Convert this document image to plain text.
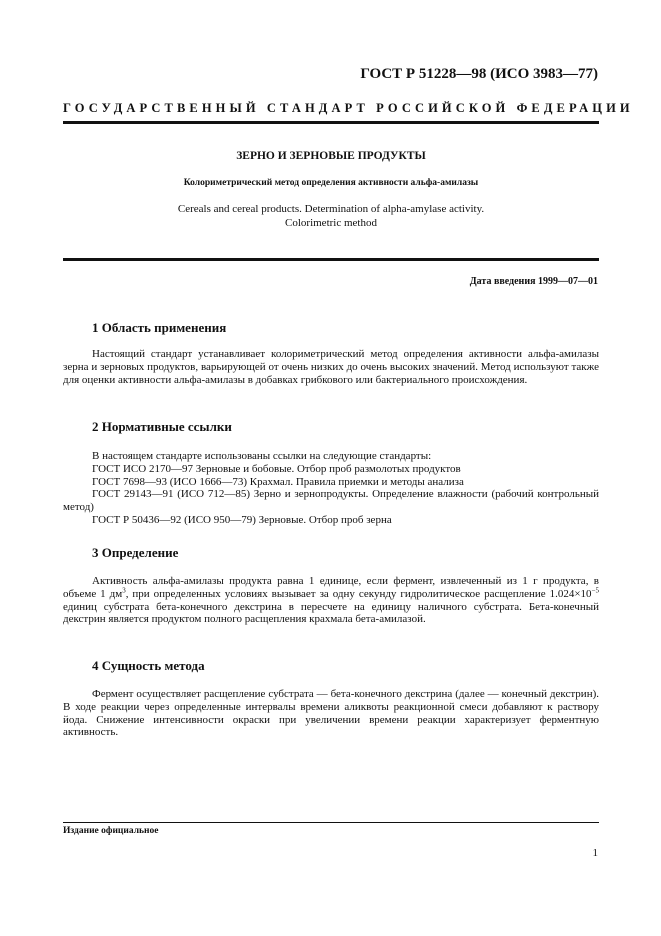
ГОСТ Р 51228—98 (ИСО 3983—77)
ГОСУДАРСТВЕННЫЙ СТАНДАРТ РОССИЙСКОЙ ФЕДЕРАЦИИ
ЗЕРНО И ЗЕРНОВЫЕ ПРОДУКТЫ
Колориметрический метод определения активности альфа-амилазы
Cereals and cereal products. Determination of alpha-amylase activity.
Colorimetric method
Дата введения 1999—07—01
1 Область применения

Настоящий стандарт устанавливает колориметрический метод определения активности альфа-амилазы зерна и зерновых продуктов, варьирующей от очень низких до очень высоких значений. Метод используют также для оценки активности альфа-амилазы в добавках грибкового или бактериального происхождения.

2 Нормативные ссылки

В настоящем стандарте использованы ссылки на следующие стандарты:

ГОСТ ИСО 2170—97 Зерновые и бобовые. Отбор проб размолотых продуктов

ГОСТ 7698—93 (ИСО 1666—73) Крахмал. Правила приемки и методы анализа

ГОСТ 29143—91 (ИСО 712—85) Зерно и зернопродукты. Определение влажности (рабочий контрольный метод)

ГОСТ Р 50436—92 (ИСО 950—79) Зерновые. Отбор проб зерна

3 Определение

Активность альфа-амилазы продукта равна 1 единице, если фермент, извлеченный из 1 г продукта, в объеме 1 $дм^3$, при определенных условиях вызывает за одну секунду гидролитическое расщепление $1.024\times 10^{-5}$ единиц субстрата бета-конечного декстрина в пересчете на единицу наличного субстрата. Бета-конечный декстрин является продуктом полного расщепления крахмала бета-амилазой.

4 Сущность метода

Фермент осуществляет расщепление субстрата — бета-конечного декстрина (далее — конечный декстрин). В ходе реакции через определенные интервалы времени аликвоты реакционной смеси добавляют к раствору йода. Снижение интенсивности окраски при увеличении времени реакции характеризует ферментную активность.

Издание официальное
1
